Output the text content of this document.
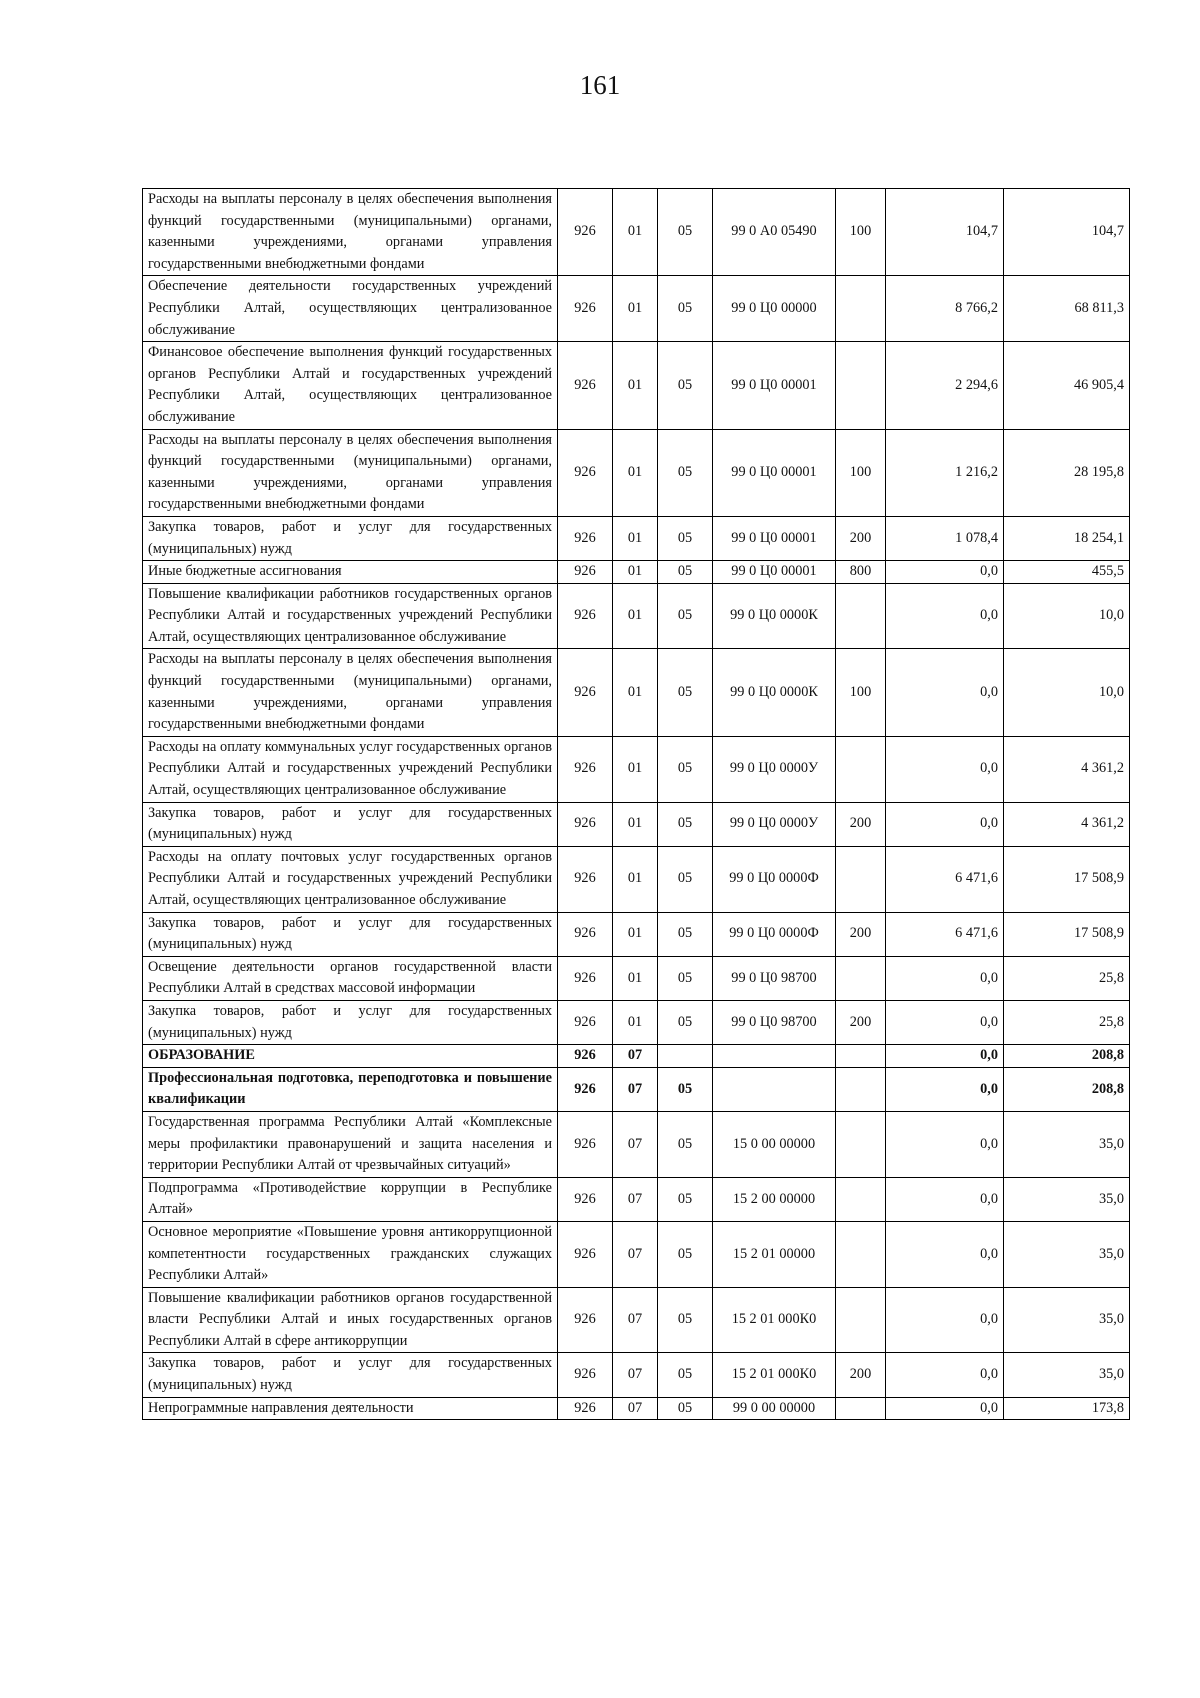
161
Расходы на выплаты персоналу в целях обеспечения выполнения функций государственными (муниципальными) органами, казенными учреждениями, органами управления государственными внебюджетными фондами	926	01	05	99 0 А0 05490	100	104,7	104,7
Обеспечение деятельности государственных учреждений Республики Алтай, осуществляющих централизованное обслуживание	926	01	05	99 0 Ц0 00000		8 766,2	68 811,3
Финансовое обеспечение выполнения функций государственных органов Республики Алтай и государственных учреждений Республики Алтай, осуществляющих централизованное обслуживание	926	01	05	99 0 Ц0 00001		2 294,6	46 905,4
Расходы на выплаты персоналу в целях обеспечения выполнения функций государственными (муниципальными) органами, казенными учреждениями, органами управления государственными внебюджетными фондами	926	01	05	99 0 Ц0 00001	100	1 216,2	28 195,8
Закупка товаров, работ и услуг для государственных (муниципальных) нужд	926	01	05	99 0 Ц0 00001	200	1 078,4	18 254,1
Иные бюджетные ассигнования	926	01	05	99 0 Ц0 00001	800	0,0	455,5
Повышение квалификации работников государственных органов Республики Алтай и государственных учреждений Республики Алтай, осуществляющих централизованное обслуживание	926	01	05	99 0 Ц0 0000К		0,0	10,0
Расходы на выплаты персоналу в целях обеспечения выполнения функций государственными (муниципальными) органами, казенными учреждениями, органами управления государственными внебюджетными фондами	926	01	05	99 0 Ц0 0000К	100	0,0	10,0
Расходы на оплату коммунальных услуг государственных органов Республики Алтай и государственных учреждений Республики Алтай, осуществляющих централизованное обслуживание	926	01	05	99 0 Ц0 0000У		0,0	4 361,2
Закупка товаров, работ и услуг для государственных (муниципальных) нужд	926	01	05	99 0 Ц0 0000У	200	0,0	4 361,2
Расходы на оплату почтовых услуг государственных органов Республики Алтай и государственных учреждений Республики Алтай, осуществляющих централизованное обслуживание	926	01	05	99 0 Ц0 0000Ф		6 471,6	17 508,9
Закупка товаров, работ и услуг для государственных (муниципальных) нужд	926	01	05	99 0 Ц0 0000Ф	200	6 471,6	17 508,9
Освещение деятельности органов государственной власти Республики Алтай в средствах массовой информации	926	01	05	99 0 Ц0 98700		0,0	25,8
Закупка товаров, работ и услуг для государственных (муниципальных) нужд	926	01	05	99 0 Ц0 98700	200	0,0	25,8
ОБРАЗОВАНИЕ	926	07				0,0	208,8
Профессиональная подготовка, переподготовка и повышение квалификации	926	07	05			0,0	208,8
Государственная программа Республики Алтай «Комплексные меры профилактики правонарушений и защита населения и территории Республики Алтай от чрезвычайных ситуаций»	926	07	05	15 0 00 00000		0,0	35,0
Подпрограмма «Противодействие коррупции в Республике Алтай»	926	07	05	15 2 00 00000		0,0	35,0
Основное мероприятие «Повышение уровня антикоррупционной компетентности государственных гражданских служащих Республики Алтай»	926	07	05	15 2 01 00000		0,0	35,0
Повышение квалификации работников органов государственной власти Республики Алтай и иных государственных органов Республики Алтай в сфере антикоррупции	926	07	05	15 2 01 000К0		0,0	35,0
Закупка товаров, работ и услуг для государственных (муниципальных) нужд	926	07	05	15 2 01 000К0	200	0,0	35,0
Непрограммные направления деятельности	926	07	05	99 0 00 00000		0,0	173,8
